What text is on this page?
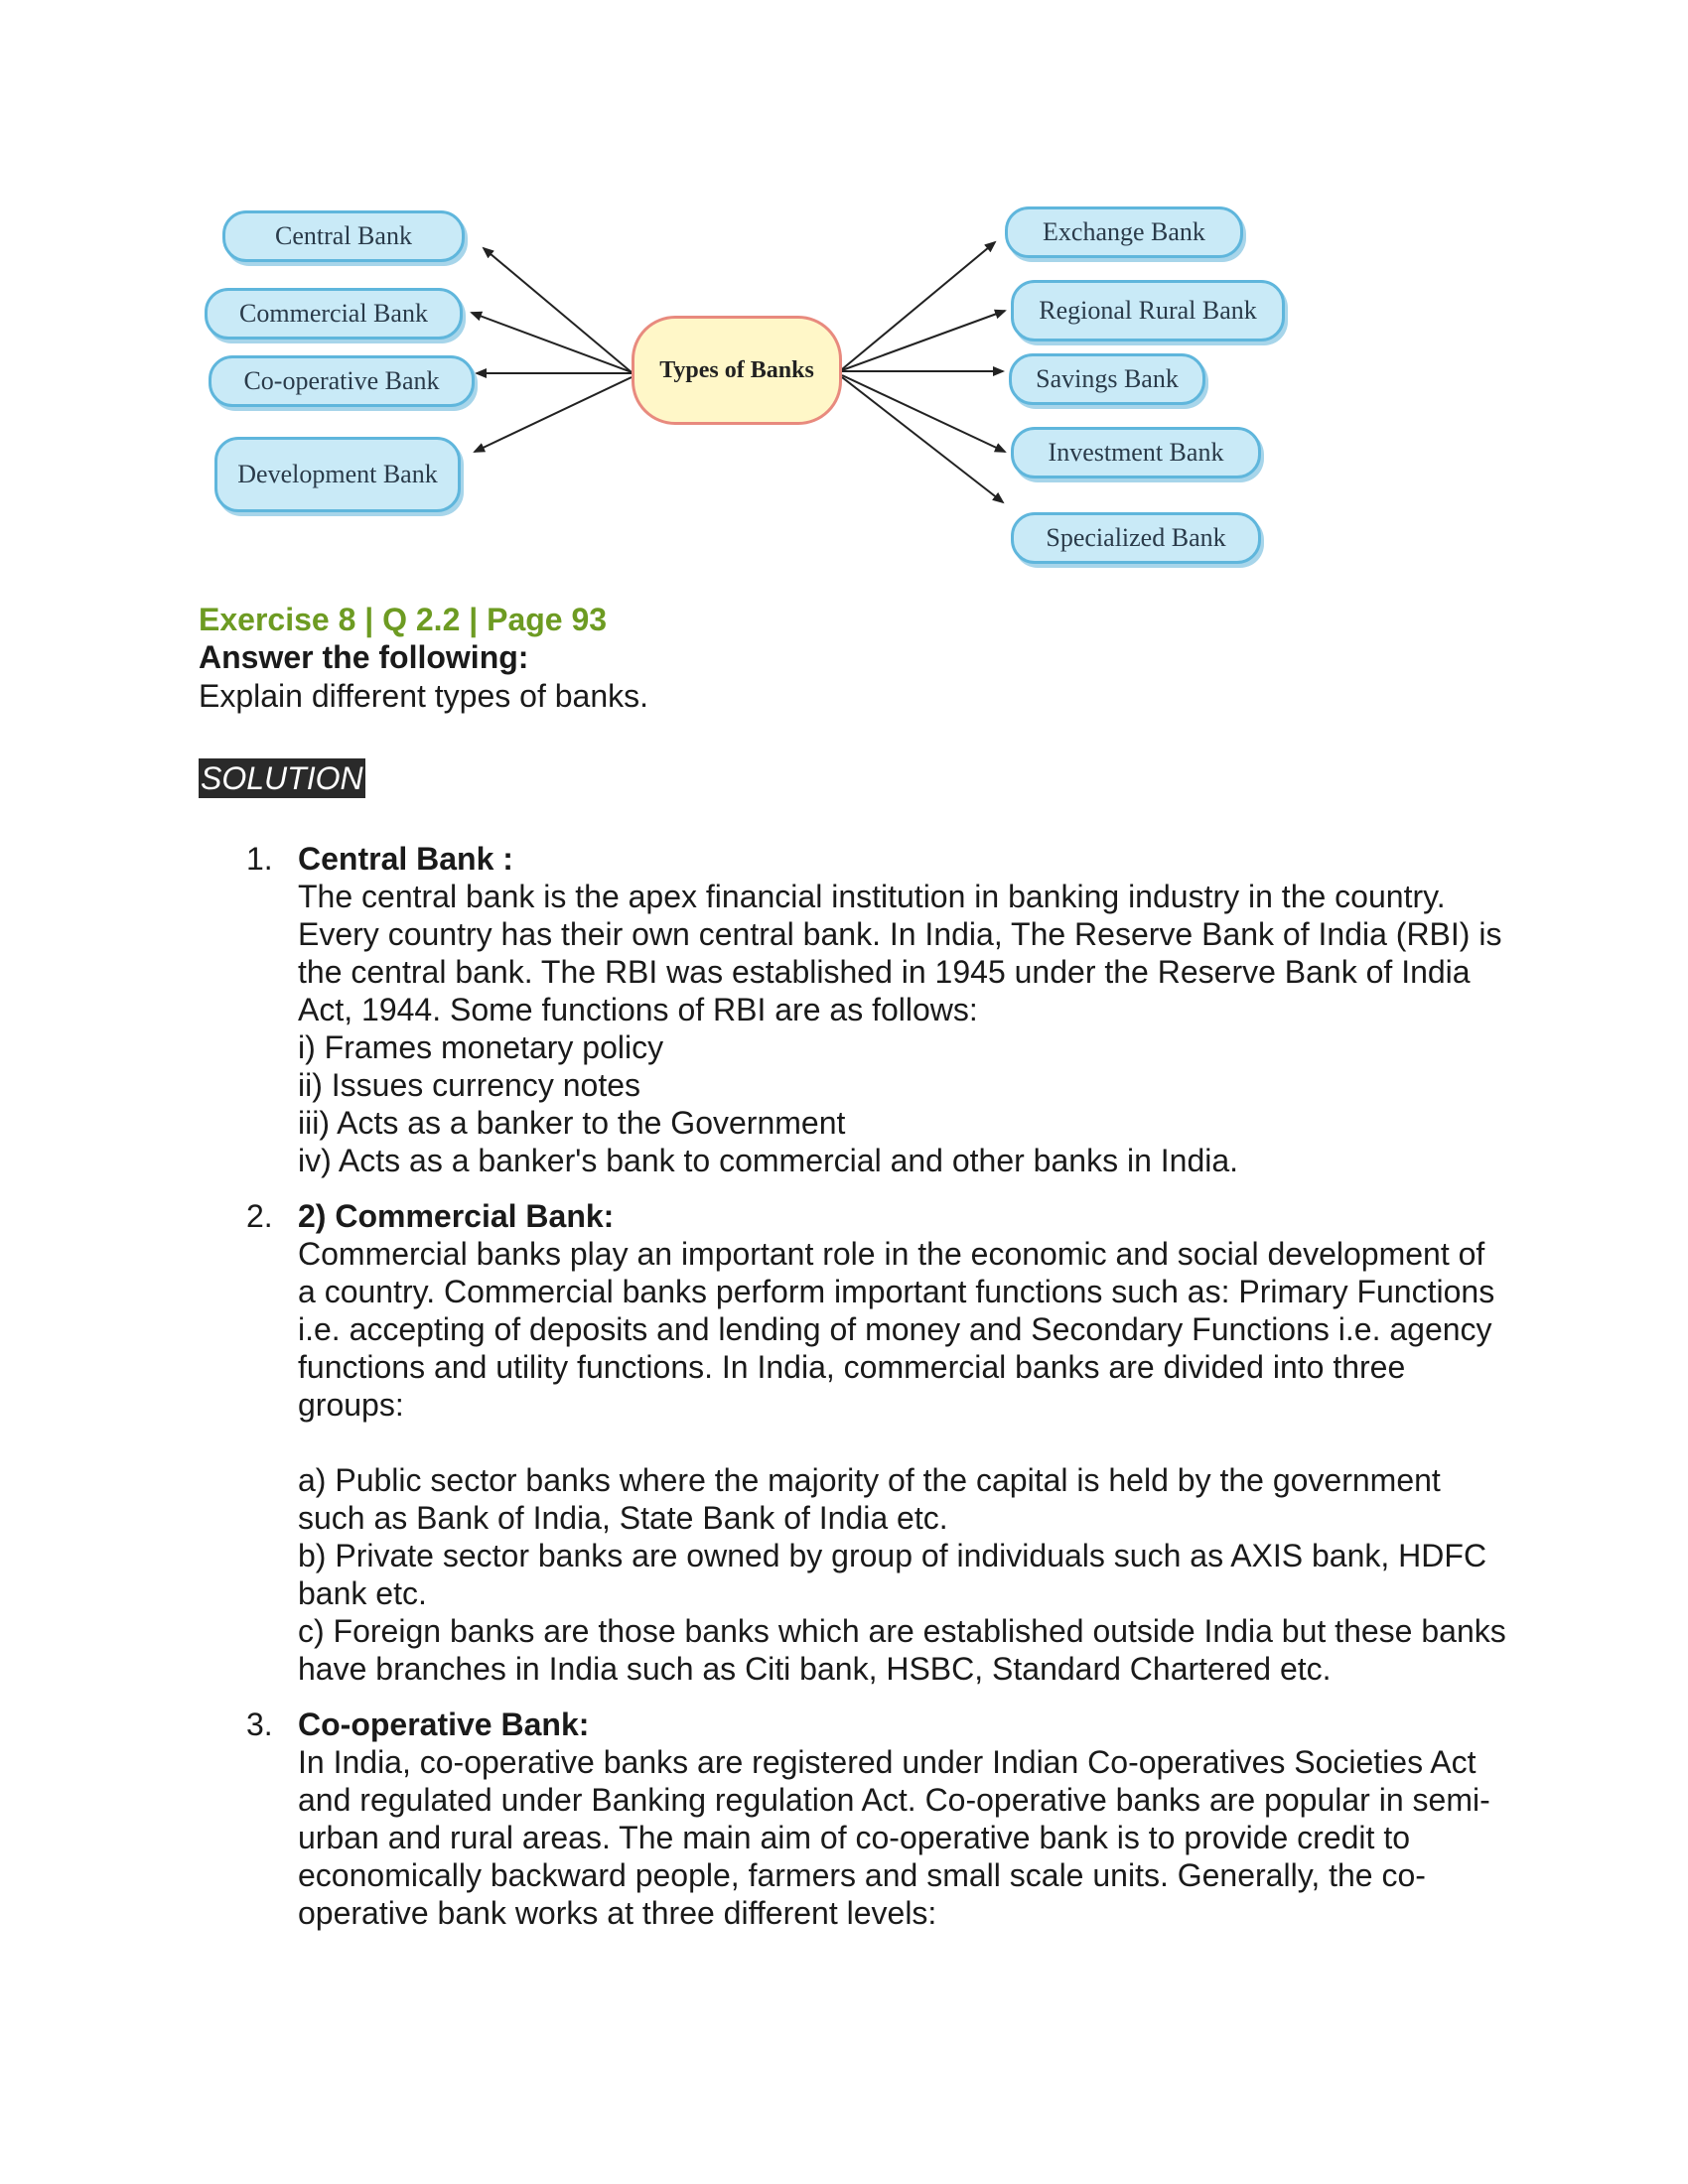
Types of Banks
Central Bank
Commercial Bank
Co-operative Bank
Development Bank
Exchange Bank
Regional Rural Bank
Savings Bank
Investment Bank
Specialized Bank
Exercise 8 | Q 2.2 | Page 93
Answer the following:
Explain different types of banks.
SOLUTION
1. Central Bank :

The central bank is the apex financial institution in banking industry in the country. Every country has their own central bank. In India, The Reserve Bank of India (RBI) is the central bank. The RBI was established in 1945 under the Reserve Bank of India Act, 1944. Some functions of RBI are as follows:

i) Frames monetary policy
ii) Issues currency notes
iii) Acts as a banker to the Government
iv) Acts as a banker's bank to commercial and other banks in India.
2. 2) Commercial Bank:

Commercial banks play an important role in the economic and social development of a country. Commercial banks perform important functions such as: Primary Functions i.e. accepting of deposits and lending of money and Secondary Functions i.e. agency functions and utility functions. In India, commercial banks are divided into three groups:

a) Public sector banks where the majority of the capital is held by the government such as Bank of India, State Bank of India etc.
b) Private sector banks are owned by group of individuals such as AXIS bank, HDFC bank etc.
c) Foreign banks are those banks which are established outside India but these banks have branches in India such as Citi bank, HSBC, Standard Chartered etc.
3. Co-operative Bank:

In India, co-operative banks are registered under Indian Co-operatives Societies Act and regulated under Banking regulation Act. Co-operative banks are popular in semi-urban and rural areas. The main aim of co-operative bank is to provide credit to economically backward people, farmers and small scale units. Generally, the co-operative bank works at three different levels:
